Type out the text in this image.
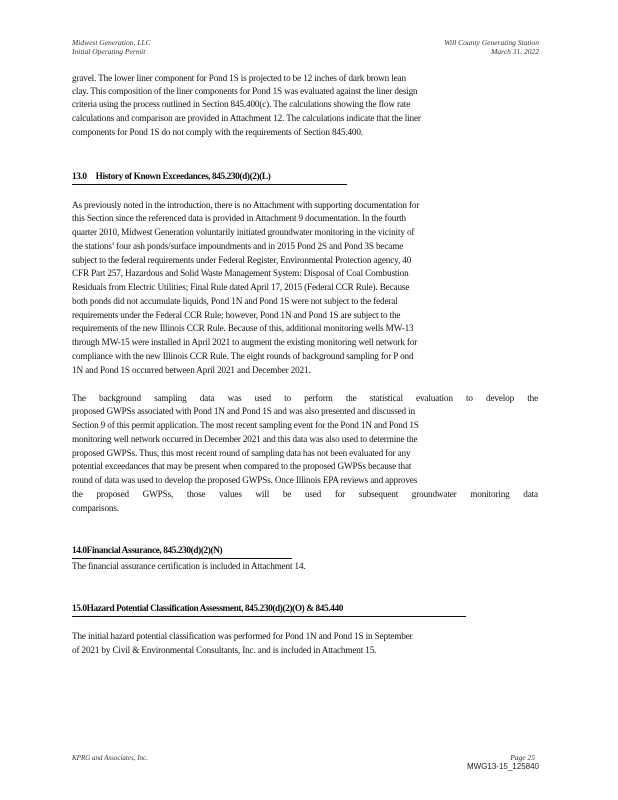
Midwest Generation, LLC
Initial Operating Permit
Will County Generating Station
March 31, 2022
gravel. The lower liner component for Pond 1S is projected to be 12 inches of dark brown lean
clay. This composition of the liner components for Pond 1S was evaluated against the liner design
criteria using the process outlined in Section 845.400(c). The calculations showing the flow rate
calculations and comparison are provided in Attachment 12. The calculations indicate that the liner
components for Pond 1S do not comply with the requirements of Section 845.400.
13.0 History of Known Exceedances, 845.230(d)(2)(L)
As previously noted in the introduction, there is no Attachment with supporting documentation for
this Section since the referenced data is provided in Attachment 9 documentation. In the fourth
quarter 2010, Midwest Generation voluntarily initiated groundwater monitoring in the vicinity of
the stations’ four ash ponds/surface impoundments and in 2015 Pond 2S and Pond 3S became
subject to the federal requirements under Federal Register, Environmental Protection agency, 40
CFR Part 257, Hazardous and Solid Waste Management System: Disposal of Coal Combustion
Residuals from Electric Utilities; Final Rule dated April 17, 2015 (Federal CCR Rule). Because
both ponds did not accumulate liquids, Pond 1N and Pond 1S were not subject to the federal
requirements under the Federal CCR Rule; however, Pond 1N and Pond 1S are subject to the
requirements of the new Illinois CCR Rule. Because of this, additional monitoring wells MW-13
through MW-15 were installed in April 2021 to augment the existing monitoring well network for
compliance with the new Illinois CCR Rule. The eight rounds of background sampling for P ond
1N and Pond 1S occurred between April 2021 and December 2021.
The background sampling data was used to perform the statistical evaluation to develop the
proposed GWPSs associated with Pond 1N and Pond 1S and was also presented and discussed in
Section 9 of this permit application. The most recent sampling event for the Pond 1N and Pond 1S
monitoring well network occurred in December 2021 and this data was also used to determine the
proposed GWPSs. Thus, this most recent round of sampling data has not been evaluated for any
potential exceedances that may be present when compared to the proposed GWPSs because that
round of data was used to develop the proposed GWPSs. Once Illinois EPA reviews and approves
the proposed GWPSs, those values will be used for subsequent groundwater monitoring data
comparisons.
14.0Financial Assurance, 845.230(d)(2)(N)
The financial assurance certification is included in Attachment 14.
15.0Hazard Potential Classification Assessment, 845.230(d)(2)(O) & 845.440
The initial hazard potential classification was performed for Pond 1N and Pond 1S in September
of 2021 by Civil & Environmental Consultants, Inc. and is included in Attachment 15.
KPRG and Associates, Inc.	Page 25
MWG13-15_125840
